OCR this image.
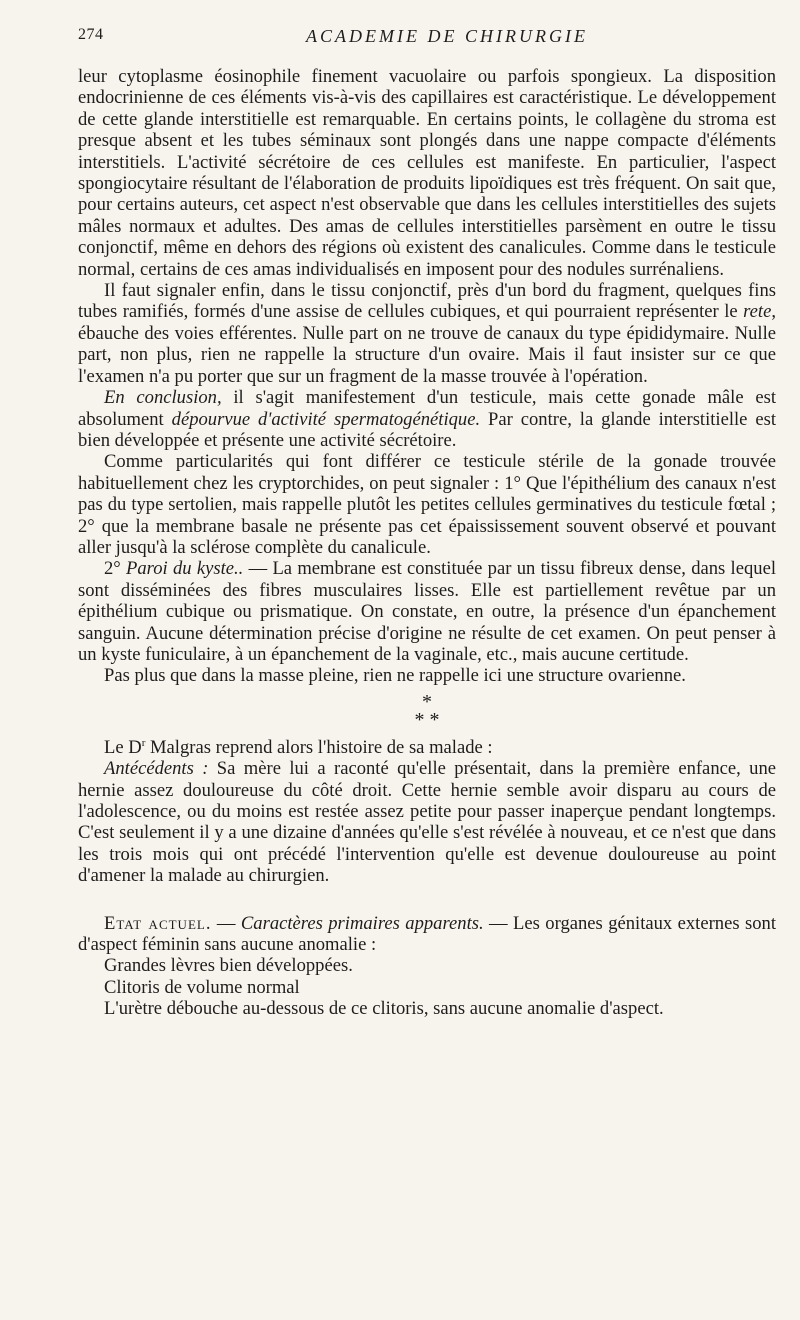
274	ACADEMIE DE CHIRURGIE

leur cytoplasme éosinophile finement vacuolaire ou parfois spongieux. La disposition endocrinienne de ces éléments vis-à-vis des capillaires est caractéristique. Le développement de cette glande interstitielle est remarquable. En certains points, le collagène du stroma est presque absent et les tubes séminaux sont plongés dans une nappe compacte d'éléments interstitiels. L'activité sécrétoire de ces cellules est manifeste. En particulier, l'aspect spongiocytaire résultant de l'élaboration de produits lipoïdiques est très fréquent. On sait que, pour certains auteurs, cet aspect n'est observable que dans les cellules interstitielles des sujets mâles normaux et adultes. Des amas de cellules interstitielles parsèment en outre le tissu conjonctif, même en dehors des régions où existent des canalicules. Comme dans le testicule normal, certains de ces amas individualisés en imposent pour des nodules surrénaliens.

Il faut signaler enfin, dans le tissu conjonctif, près d'un bord du fragment, quelques fins tubes ramifiés, formés d'une assise de cellules cubiques, et qui pourraient représenter le rete, ébauche des voies efférentes. Nulle part on ne trouve de canaux du type épididymaire. Nulle part, non plus, rien ne rappelle la structure d'un ovaire. Mais il faut insister sur ce que l'examen n'a pu porter que sur un fragment de la masse trouvée à l'opération.

En conclusion, il s'agit manifestement d'un testicule, mais cette gonade mâle est absolument dépourvue d'activité spermatogénétique. Par contre, la glande interstitielle est bien développée et présente une activité sécrétoire.

Comme particularités qui font différer ce testicule stérile de la gonade trouvée habituellement chez les cryptorchides, on peut signaler : 1° Que l'épithélium des canaux n'est pas du type sertolien, mais rappelle plutôt les petites cellules germinatives du testicule fœtal ; 2° que la membrane basale ne présente pas cet épaississement souvent observé et pouvant aller jusqu'à la sclérose complète du canalicule.

2° Paroi du kyste.. — La membrane est constituée par un tissu fibreux dense, dans lequel sont disséminées des fibres musculaires lisses. Elle est partiellement revêtue par un épithélium cubique ou prismatique. On constate, en outre, la présence d'un épanchement sanguin. Aucune détermination précise d'origine ne résulte de cet examen. On peut penser à un kyste funiculaire, à un épanchement de la vaginale, etc., mais aucune certitude.

Pas plus que dans la masse pleine, rien ne rappelle ici une structure ovarienne.

*
* *

Le $D^r$ Malgras reprend alors l'histoire de sa malade :

Antécédents : Sa mère lui a raconté qu'elle présentait, dans la première enfance, une hernie assez douloureuse du côté droit. Cette hernie semble avoir disparu au cours de l'adolescence, ou du moins est restée assez petite pour passer inaperçue pendant longtemps. C'est seulement il y a une dizaine d'années qu'elle s'est révélée à nouveau, et ce n'est que dans les trois mois qui ont précédé l'intervention qu'elle est devenue douloureuse au point d'amener la malade au chirurgien.

Etat actuel. — Caractères primaires apparents. — Les organes génitaux externes sont d'aspect féminin sans aucune anomalie :

Grandes lèvres bien développées.

Clitoris de volume normal

L'urètre débouche au-dessous de ce clitoris, sans aucune anomalie d'aspect.
